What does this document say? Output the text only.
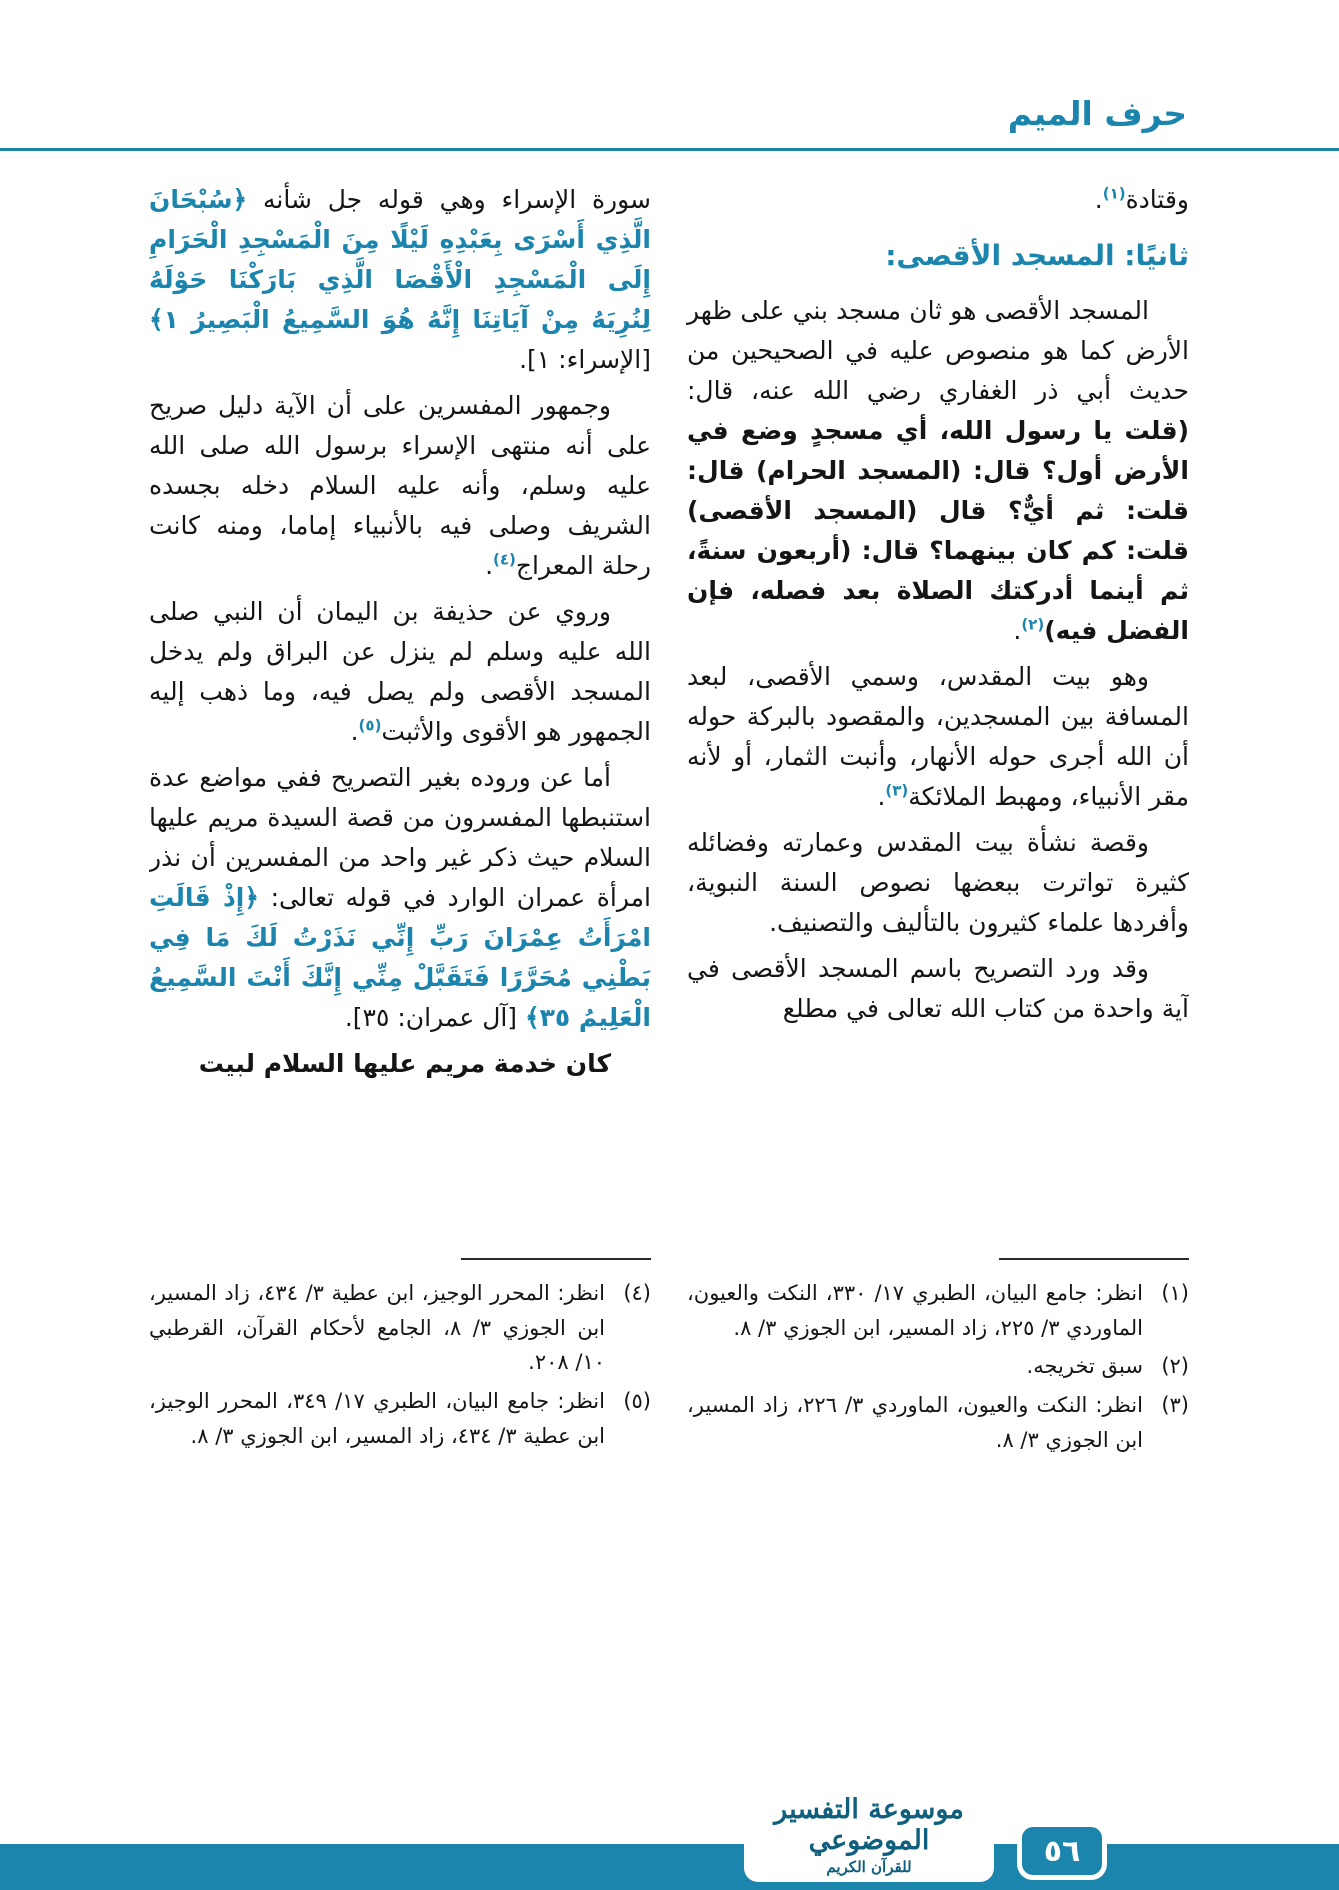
حرف الميم

وقتادة$^{(١)}$.

ثانيًا: المسجد الأقصى:

المسجد الأقصى هو ثان مسجد بني على ظهر الأرض كما هو منصوص عليه في الصحيحين من حديث أبي ذر الغفاري رضي الله عنه، قال: (قلت يا رسول الله، أي مسجدٍ وضع في الأرض أول؟ قال: (المسجد الحرام) قال: قلت: ثم أيٌّ؟ قال (المسجد الأقصى) قلت: كم كان بينهما؟ قال: (أربعون سنةً، ثم أينما أدركتك الصلاة بعد فصله، فإن الفضل فيه)$^{(٢)}$.

وهو بيت المقدس، وسمي الأقصى، لبعد المسافة بين المسجدين، والمقصود بالبركة حوله أن الله أجرى حوله الأنهار، وأنبت الثمار، أو لأنه مقر الأنبياء، ومهبط الملائكة$^{(٣)}$.

وقصة نشأة بيت المقدس وعمارته وفضائله كثيرة تواترت ببعضها نصوص السنة النبوية، وأفردها علماء كثيرون بالتأليف والتصنيف.

وقد ورد التصريح باسم المسجد الأقصى في آية واحدة من كتاب الله تعالى في مطلع

سورة الإسراء وهي قوله جل شأنه ﴿سُبْحَانَ الَّذِي أَسْرَى بِعَبْدِهِ لَيْلًا مِنَ الْمَسْجِدِ الْحَرَامِ إِلَى الْمَسْجِدِ الْأَقْصَا الَّذِي بَارَكْنَا حَوْلَهُ لِنُرِيَهُ مِنْ آيَاتِنَا إِنَّهُ هُوَ السَّمِيعُ الْبَصِيرُ ١﴾ [الإسراء: ١].

وجمهور المفسرين على أن الآية دليل صريح على أنه منتهى الإسراء برسول الله صلى الله عليه وسلم، وأنه عليه السلام دخله بجسده الشريف وصلى فيه بالأنبياء إماما، ومنه كانت رحلة المعراج$^{(٤)}$.

وروي عن حذيفة بن اليمان أن النبي صلى الله عليه وسلم لم ينزل عن البراق ولم يدخل المسجد الأقصى ولم يصل فيه، وما ذهب إليه الجمهور هو الأقوى والأثبت$^{(٥)}$.

أما عن وروده بغير التصريح ففي مواضع عدة استنبطها المفسرون من قصة السيدة مريم عليها السلام حيث ذكر غير واحد من المفسرين أن نذر امرأة عمران الوارد في قوله تعالى: ﴿إِذْ قَالَتِ امْرَأَتُ عِمْرَانَ رَبِّ إِنِّي نَذَرْتُ لَكَ مَا فِي بَطْنِي مُحَرَّرًا فَتَقَبَّلْ مِنِّي إِنَّكَ أَنْتَ السَّمِيعُ الْعَلِيمُ ٣٥﴾ [آل عمران: ٣٥].

كان خدمة مريم عليها السلام لبيت

(١)
انظر: جامع البيان، الطبري ١٧/ ٣٣٠، النكت والعيون، الماوردي ٣/ ٢٢٥، زاد المسير، ابن الجوزي ٣/ ٨.
(٢)
سبق تخريجه.
(٣)
انظر: النكت والعيون، الماوردي ٣/ ٢٢٦، زاد المسير، ابن الجوزي ٣/ ٨.
(٤)
انظر: المحرر الوجيز، ابن عطية ٣/ ٤٣٤، زاد المسير، ابن الجوزي ٣/ ٨، الجامع لأحكام القرآن، القرطبي ١٠/ ٢٠٨.
(٥)
انظر: جامع البيان، الطبري ١٧/ ٣٤٩، المحرر الوجيز، ابن عطية ٣/ ٤٣٤، زاد المسير، ابن الجوزي ٣/ ٨.
موسوعة التفسير الموضوعي
للقرآن الكريم	٥٦
